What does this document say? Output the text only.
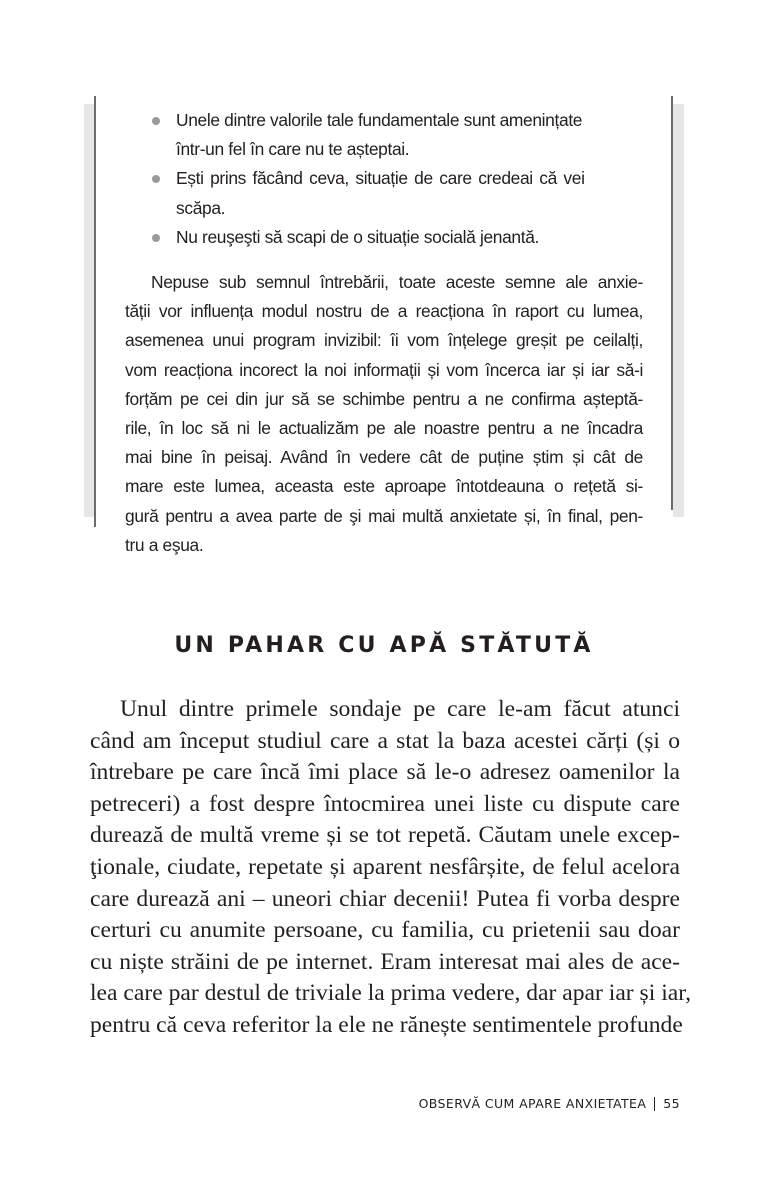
Unele dintre valorile tale fundamentale sunt amenințate
într-un fel în care nu te așteptai.
Ești prins făcând ceva, situație de care credeai că vei
scăpa.
Nu reuşeşti să scapi de o situație socială jenantă.

Nepuse sub semnul întrebării, toate aceste semne ale anxie-
tății vor influența modul nostru de a reacționa în raport cu lumea,
asemenea unui program invizibil: îi vom înțelege greșit pe ceilalți,
vom reacționa incorect la noi informații și vom încerca iar și iar să-i
forțăm pe cei din jur să se schimbe pentru a ne confirma așteptă-
rile, în loc să ni le actualizăm pe ale noastre pentru a ne încadra
mai bine în peisaj. Având în vedere cât de puține știm și cât de
mare este lumea, aceasta este aproape întotdeauna o rețetă si-
gură pentru a avea parte de şi mai multă anxietate și, în final, pen-
tru a eşua.

UN PAHAR CU APĂ STĂTUTĂ
Unul dintre primele sondaje pe care le-am făcut atunci
când am început studiul care a stat la baza acestei cărți (și o
întrebare pe care încă îmi place să le-o adresez oamenilor la
petreceri) a fost despre întocmirea unei liste cu dispute care
durează de multă vreme și se tot repetă. Căutam unele excep-
ţionale, ciudate, repetate și aparent nesfârșite, de felul acelora
care durează ani – uneori chiar decenii! Putea fi vorba despre
certuri cu anumite persoane, cu familia, cu prietenii sau doar
cu niște străini de pe internet. Eram interesat mai ales de ace-
lea care par destul de triviale la prima vedere, dar apar iar și iar,
pentru că ceva referitor la ele ne rănește sentimentele profunde
OBSERVĂ CUM APARE ANXIETATEA 55
